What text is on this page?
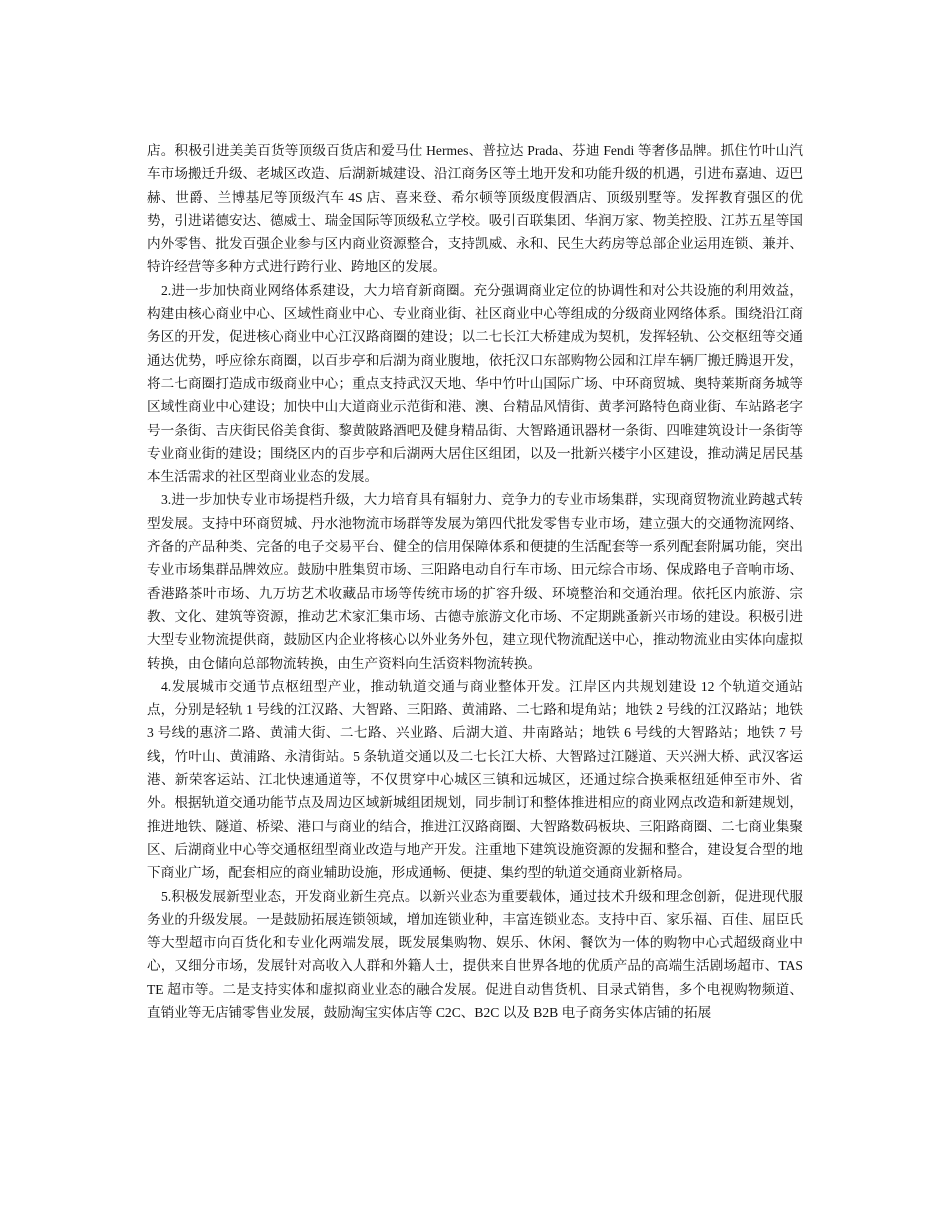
店。积极引进美美百货等顶级百货店和爱马仕 Hermes、普拉达 Prada、芬迪 Fendi 等奢侈品牌。抓住竹叶山汽车市场搬迁升级、老城区改造、后湖新城建设、沿江商务区等土地开发和功能升级的机遇，引进布嘉迪、迈巴赫、世爵、兰博基尼等顶级汽车 4S 店、喜来登、希尔顿等顶级度假酒店、顶级别墅等。发挥教育强区的优势，引进诺德安达、德威士、瑞金国际等顶级私立学校。吸引百联集团、华润万家、物美控股、江苏五星等国内外零售、批发百强企业参与区内商业资源整合，支持凯威、永和、民生大药房等总部企业运用连锁、兼并、特许经营等多种方式进行跨行业、跨地区的发展。

2.进一步加快商业网络体系建设，大力培育新商圈。充分强调商业定位的协调性和对公共设施的利用效益，构建由核心商业中心、区域性商业中心、专业商业街、社区商业中心等组成的分级商业网络体系。围绕沿江商务区的开发，促进核心商业中心江汉路商圈的建设；以二七长江大桥建成为契机，发挥轻轨、公交枢纽等交通通达优势，呼应徐东商圈，以百步亭和后湖为商业腹地，依托汉口东部购物公园和江岸车辆厂搬迁腾退开发，将二七商圈打造成市级商业中心；重点支持武汉天地、华中竹叶山国际广场、中环商贸城、奥特莱斯商务城等区域性商业中心建设；加快中山大道商业示范街和港、澳、台精品风情街、黄孝河路特色商业街、车站路老字号一条街、吉庆街民俗美食街、黎黄陂路酒吧及健身精品街、大智路通讯器材一条街、四唯建筑设计一条街等专业商业街的建设；围绕区内的百步亭和后湖两大居住区组团，以及一批新兴楼宇小区建设，推动满足居民基本生活需求的社区型商业业态的发展。

3.进一步加快专业市场提档升级，大力培育具有辐射力、竞争力的专业市场集群，实现商贸物流业跨越式转型发展。支持中环商贸城、丹水池物流市场群等发展为第四代批发零售专业市场，建立强大的交通物流网络、齐备的产品种类、完备的电子交易平台、健全的信用保障体系和便捷的生活配套等一系列配套附属功能，突出专业市场集群品牌效应。鼓励中胜集贸市场、三阳路电动自行车市场、田元综合市场、保成路电子音响市场、香港路茶叶市场、九万坊艺术收藏品市场等传统市场的扩容升级、环境整治和交通治理。依托区内旅游、宗教、文化、建筑等资源，推动艺术家汇集市场、古德寺旅游文化市场、不定期跳蚤新兴市场的建设。积极引进大型专业物流提供商，鼓励区内企业将核心以外业务外包，建立现代物流配送中心，推动物流业由实体向虚拟转换，由仓储向总部物流转换，由生产资料向生活资料物流转换。

4.发展城市交通节点枢纽型产业，推动轨道交通与商业整体开发。江岸区内共规划建设 12 个轨道交通站点，分别是轻轨 1 号线的江汉路、大智路、三阳路、黄浦路、二七路和堤角站；地铁 2 号线的江汉路站；地铁 3 号线的惠济二路、黄浦大街、二七路、兴业路、后湖大道、井南路站；地铁 6 号线的大智路站；地铁 7 号线，竹叶山、黄浦路、永清街站。5 条轨道交通以及二七长江大桥、大智路过江隧道、天兴洲大桥、武汉客运港、新荣客运站、江北快速通道等，不仅贯穿中心城区三镇和远城区，还通过综合换乘枢纽延伸至市外、省外。根据轨道交通功能节点及周边区域新城组团规划，同步制订和整体推进相应的商业网点改造和新建规划，推进地铁、隧道、桥梁、港口与商业的结合，推进江汉路商圈、大智路数码板块、三阳路商圈、二七商业集聚区、后湖商业中心等交通枢纽型商业改造与地产开发。注重地下建筑设施资源的发掘和整合，建设复合型的地下商业广场，配套相应的商业辅助设施，形成通畅、便捷、集约型的轨道交通商业新格局。

5.积极发展新型业态，开发商业新生亮点。以新兴业态为重要载体，通过技术升级和理念创新，促进现代服务业的升级发展。一是鼓励拓展连锁领域，增加连锁业种，丰富连锁业态。支持中百、家乐福、百佳、屈臣氏等大型超市向百货化和专业化两端发展，既发展集购物、娱乐、休闲、餐饮为一体的购物中心式超级商业中心，又细分市场，发展针对高收入人群和外籍人士，提供来自世界各地的优质产品的高端生活剧场超市、TASTE 超市等。二是支持实体和虚拟商业业态的融合发展。促进自动售货机、目录式销售，多个电视购物频道、直销业等无店铺零售业发展，鼓励淘宝实体店等 C2C、B2C 以及 B2B 电子商务实体店铺的拓展
